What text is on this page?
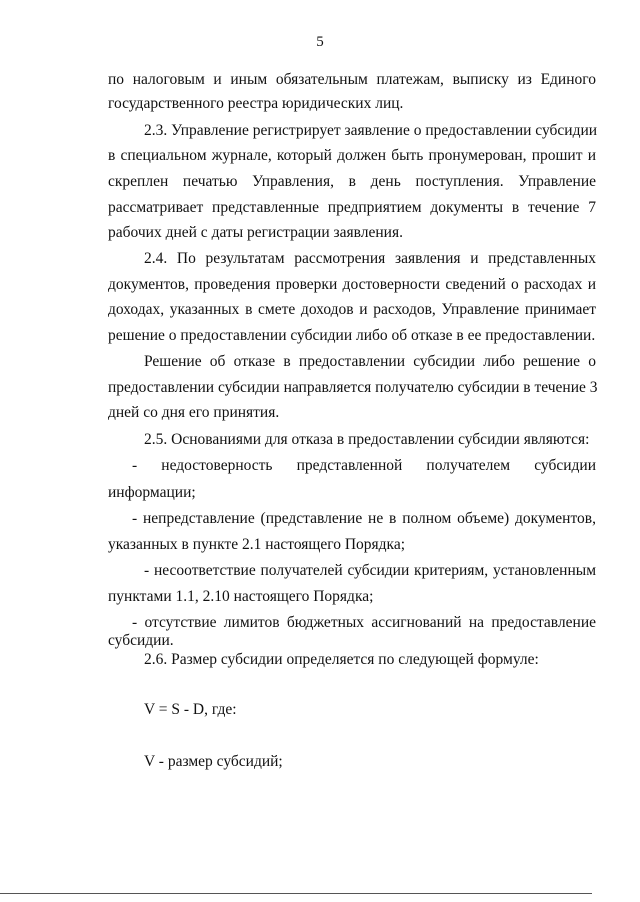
5
по налоговым и иным обязательным платежам, выписку из Единого
государственного реестра юридических лиц.
2.3. Управление регистрирует заявление о предоставлении субсидии
в специальном журнале, который должен быть пронумерован, прошит и
скреплен печатью Управления, в день поступления. Управление
рассматривает представленные предприятием документы в течение 7
рабочих дней с даты регистрации заявления.
2.4. По результатам рассмотрения заявления и представленных
документов, проведения проверки достоверности сведений о расходах и
доходах, указанных в смете доходов и расходов, Управление принимает
решение о предоставлении субсидии либо об отказе в ее предоставлении.
Решение об отказе в предоставлении субсидии либо решение о
предоставлении субсидии направляется получателю субсидии в течение 3
дней со дня его принятия.
2.5. Основаниями для отказа в предоставлении субсидии являются:
- недостоверность представленной получателем субсидии
информации;
- непредставление (представление не в полном объеме) документов,
указанных в пункте 2.1 настоящего Порядка;
- несоответствие получателей субсидии критериям, установленным
пунктами 1.1, 2.10 настоящего Порядка;
- отсутствие лимитов бюджетных ассигнований на предоставление
субсидии.
2.6. Размер субсидии определяется по следующей формуле:
V = S - D, где:
V - размер субсидий;
